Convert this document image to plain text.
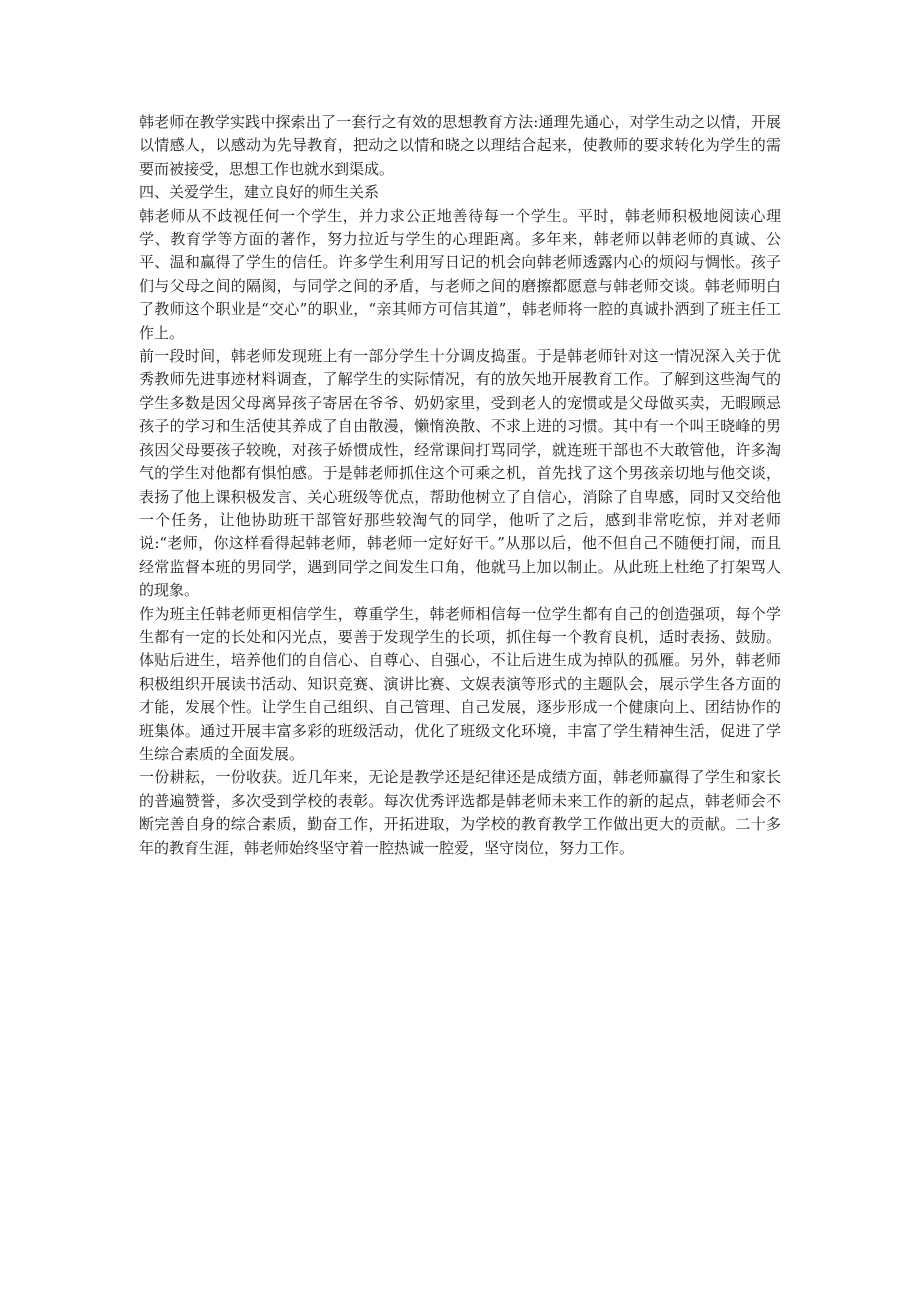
韩老师在教学实践中探索出了一套行之有效的思想教育方法:通理先通心，对学生动之以情，开展以情感人，以感动为先导教育，把动之以情和晓之以理结合起来，使教师的要求转化为学生的需要而被接受，思想工作也就水到渠成。

四、关爱学生，建立良好的师生关系

韩老师从不歧视任何一个学生，并力求公正地善待每一个学生。平时，韩老师积极地阅读心理学、教育学等方面的著作，努力拉近与学生的心理距离。多年来，韩老师以韩老师的真诚、公平、温和赢得了学生的信任。许多学生利用写日记的机会向韩老师透露内心的烦闷与惆怅。孩子们与父母之间的隔阂，与同学之间的矛盾，与老师之间的磨擦都愿意与韩老师交谈。韩老师明白了教师这个职业是“交心”的职业，“亲其师方可信其道”，韩老师将一腔的真诚扑洒到了班主任工作上。

前一段时间，韩老师发现班上有一部分学生十分调皮捣蛋。于是韩老师针对这一情况深入关于优秀教师先进事迹材料调查，了解学生的实际情况，有的放矢地开展教育工作。了解到这些淘气的学生多数是因父母离异孩子寄居在爷爷、奶奶家里，受到老人的宠惯或是父母做买卖，无暇顾忌孩子的学习和生活使其养成了自由散漫，懒惰涣散、不求上进的习惯。其中有一个叫王晓峰的男孩因父母要孩子较晚，对孩子娇惯成性，经常课间打骂同学，就连班干部也不大敢管他，许多淘气的学生对他都有惧怕感。于是韩老师抓住这个可乘之机，首先找了这个男孩亲切地与他交谈，表扬了他上课积极发言、关心班级等优点，帮助他树立了自信心，消除了自卑感，同时又交给他一个任务，让他协助班干部管好那些较淘气的同学，他听了之后，感到非常吃惊，并对老师说:“老师，你这样看得起韩老师，韩老师一定好好干。”从那以后，他不但自己不随便打闹，而且经常监督本班的男同学，遇到同学之间发生口角，他就马上加以制止。从此班上杜绝了打架骂人的现象。

作为班主任韩老师更相信学生，尊重学生，韩老师相信每一位学生都有自己的创造强项，每个学生都有一定的长处和闪光点，要善于发现学生的长项，抓住每一个教育良机，适时表扬、鼓励。体贴后进生，培养他们的自信心、自尊心、自强心，不让后进生成为掉队的孤雁。另外，韩老师积极组织开展读书活动、知识竞赛、演讲比赛、文娱表演等形式的主题队会，展示学生各方面的才能，发展个性。让学生自己组织、自己管理、自己发展，逐步形成一个健康向上、团结协作的班集体。通过开展丰富多彩的班级活动，优化了班级文化环境，丰富了学生精神生活，促进了学生综合素质的全面发展。

一份耕耘，一份收获。近几年来，无论是教学还是纪律还是成绩方面，韩老师赢得了学生和家长的普遍赞誉，多次受到学校的表彰。每次优秀评选都是韩老师未来工作的新的起点，韩老师会不断完善自身的综合素质，勤奋工作，开拓进取，为学校的教育教学工作做出更大的贡献。二十多年的教育生涯，韩老师始终坚守着一腔热诚一腔爱，坚守岗位，努力工作。
